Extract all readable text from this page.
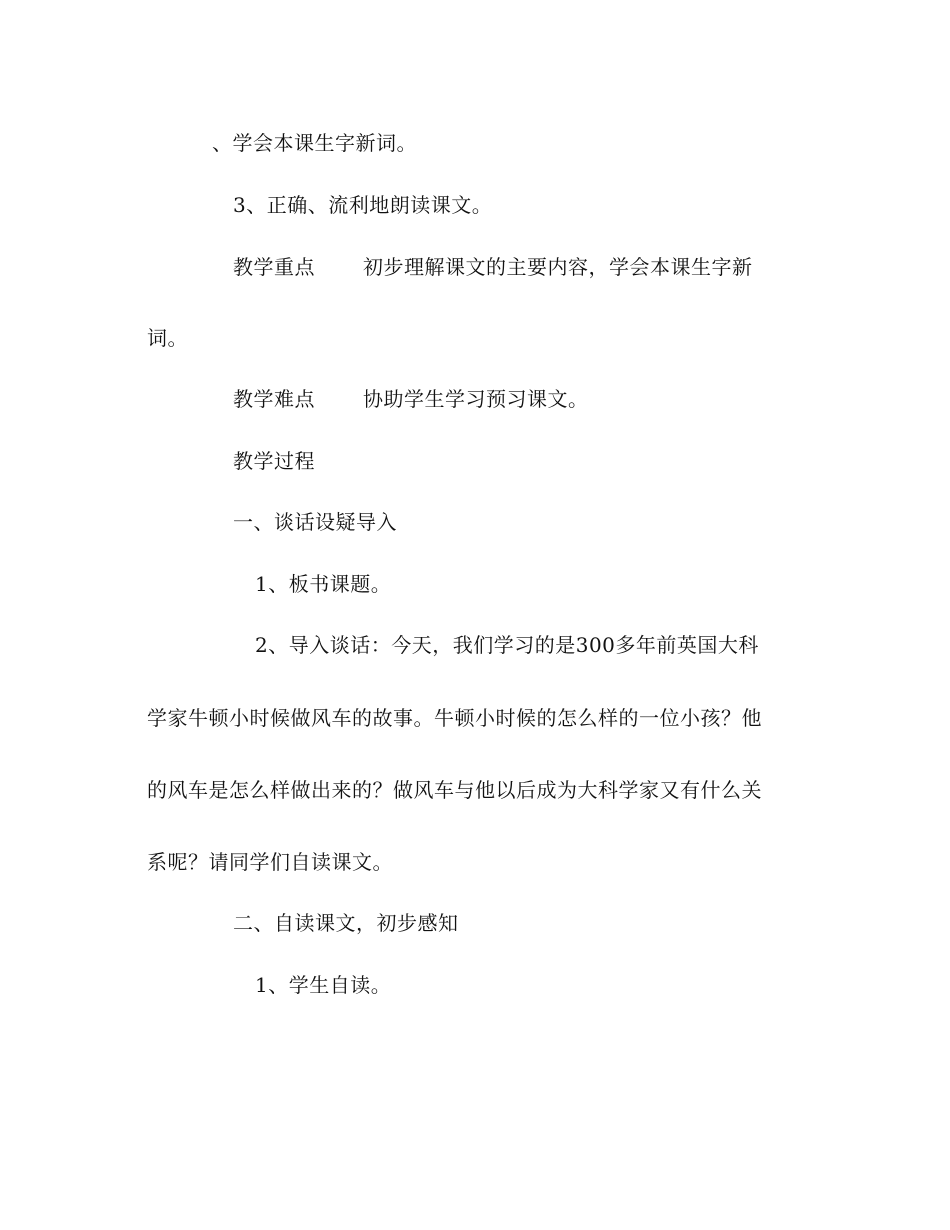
、学会本课生字新词。
3、正确、流利地朗读课文。
教学重点 初步理解课文的主要内容，学会本课生字新
词。
教学难点 协助学生学习预习课文。
教学过程
一、谈话设疑导入
1、板书课题。
2、导入谈话：今天，我们学习的是300多年前英国大科
学家牛顿小时候做风车的故事。牛顿小时候的怎么样的一位小孩？他
的风车是怎么样做出来的？做风车与他以后成为大科学家又有什么关
系呢？请同学们自读课文。
二、自读课文，初步感知
1、学生自读。
